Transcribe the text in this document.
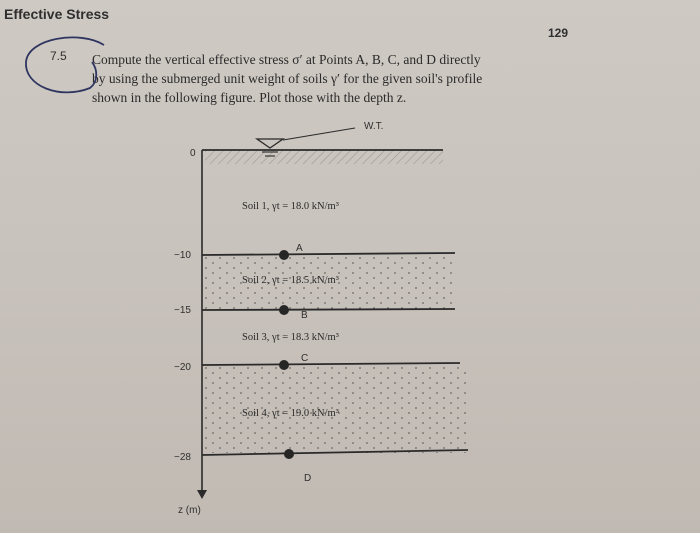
Effective Stress
129
7.5 Compute the vertical effective stress σ′ at Points A, B, C, and D directly
by using the submerged unit weight of soils γ′ for the given soil's profile
shown in the following figure. Plot those with the depth z.
W.T.
0
−10
−15
−20
−28
A
B
C
D
Soil 1, γt = 18.0 kN/m³
Soil 2, γt = 18.5 kN/m³
Soil 3, γt = 18.3 kN/m³
Soil 4, γt = 19.0 kN/m³
z (m)
